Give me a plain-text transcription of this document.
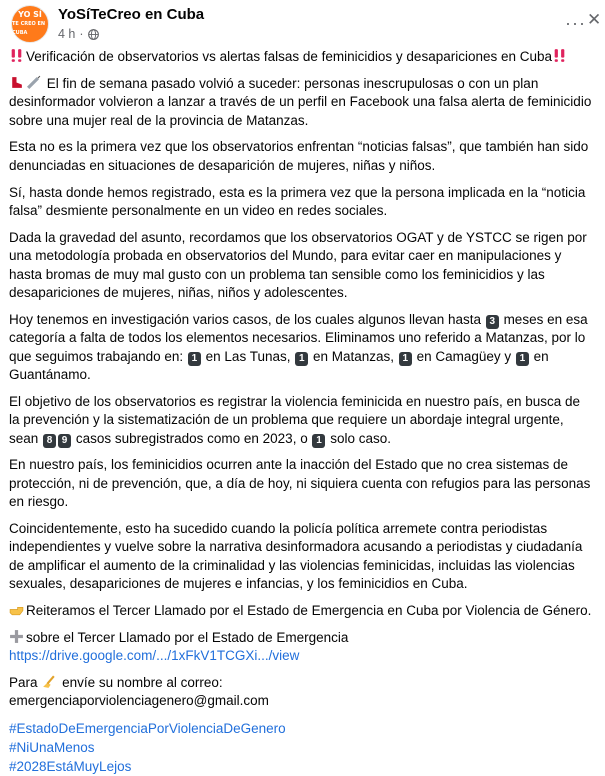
YO SÍ
TE CREO EN CUBA
YoSíTeCreo en Cuba
4 h ·
··· ✕

Verificación de observatorios vs alertas falsas de feminicidios y desapariciones en Cuba

El fin de semana pasado volvió a suceder: personas inescrupulosas o con un plan desinformador volvieron a lanzar a través de un perfil en Facebook una falsa alerta de feminicidio sobre una mujer real de la provincia de Matanzas.

Esta no es la primera vez que los observatorios enfrentan “noticias falsas”, que también han sido denunciadas en situaciones de desaparición de mujeres, niñas y niños.

Sí, hasta donde hemos registrado, esta es la primera vez que la persona implicada en la “noticia falsa” desmiente personalmente en un video en redes sociales.

Dada la gravedad del asunto, recordamos que los observatorios OGAT y de YSTCC se rigen por una metodología probada en observatorios del Mundo, para evitar caer en manipulaciones y hasta bromas de muy mal gusto con un problema tan sensible como los feminicidios y las desapariciones de mujeres, niñas, niños y adolescentes.

Hoy tenemos en investigación varios casos, de los cuales algunos llevan hasta 3 meses en esa categoría a falta de todos los elementos necesarios. Eliminamos uno referido a Matanzas, por lo que seguimos trabajando en: 1 en Las Tunas, 1 en Matanzas, 1 en Camagüey y 1 en Guantánamo.

El objetivo de los observatorios es registrar la violencia feminicida en nuestro país, en busca de la prevención y la sistematización de un problema que requiere un abordaje integral urgente, sean 8 9 casos subregistrados como en 2023, o 1 solo caso.

En nuestro país, los feminicidios ocurren ante la inacción del Estado que no crea sistemas de protección, ni de prevención, que, a día de hoy, ni siquiera cuenta con refugios para las personas en riesgo.

Coincidentemente, esto ha sucedido cuando la policía política arremete contra periodistas independientes y vuelve sobre la narrativa desinformadora acusando a periodistas y ciudadanía de amplificar el aumento de la criminalidad y las violencias feminicidas, incluidas las violencias sexuales, desapariciones de mujeres e infancias, y los feminicidios en Cuba.

Reiteramos el Tercer Llamado por el Estado de Emergencia en Cuba por Violencia de Género.

sobre el Tercer Llamado por el Estado de Emergencia
https://drive.google.com/.../1xFkV1TCGXi.../view

Para envíe su nombre al correo:
emergenciaporviolenciagenero@gmail.com

#EstadoDeEmergenciaPorViolenciaDeGenero
#NiUnaMenos
#2028EstáMuyLejos
